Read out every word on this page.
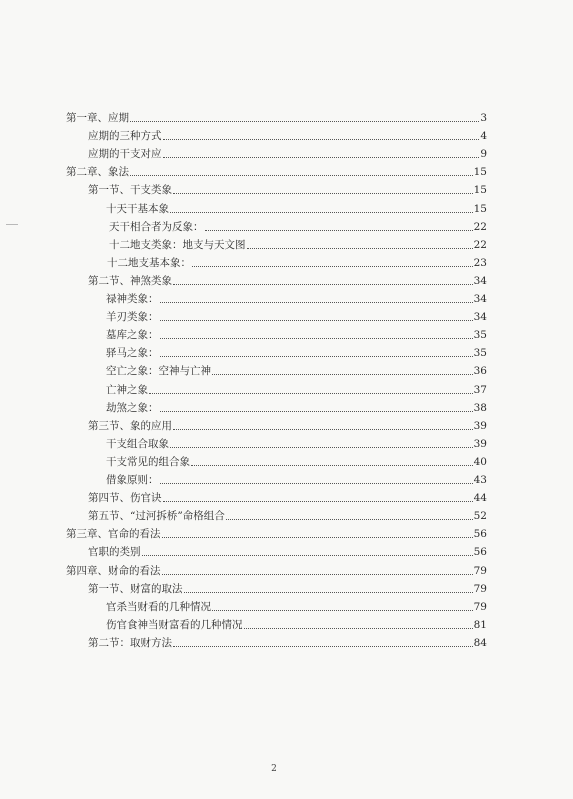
第一章、应期	3
应期的三种方式	4
应期的干支对应	9
第二章、象法	15
第一节、干支类象	15
十天干基本象	15
天干相合者为反象：	22
十二地支类象：地支与天文图	22
十二地支基本象：	23
第二节、神煞类象	34
禄神类象：	34
羊刃类象：	34
墓库之象：	35
驿马之象：	35
空亡之象：空神与亡神	36
亡神之象	37
劫煞之象：	38
第三节、象的应用	39
干支组合取象	39
干支常见的组合象	40
借象原则：	43
第四节、伤官诀	44
第五节、“过河拆桥”命格组合	52
第三章、官命的看法	56
官职的类别	56
第四章、财命的看法	79
第一节、财富的取法	79
官杀当财看的几种情况	79
伤官食神当财富看的几种情况	81
第二节：取财方法	84
2
